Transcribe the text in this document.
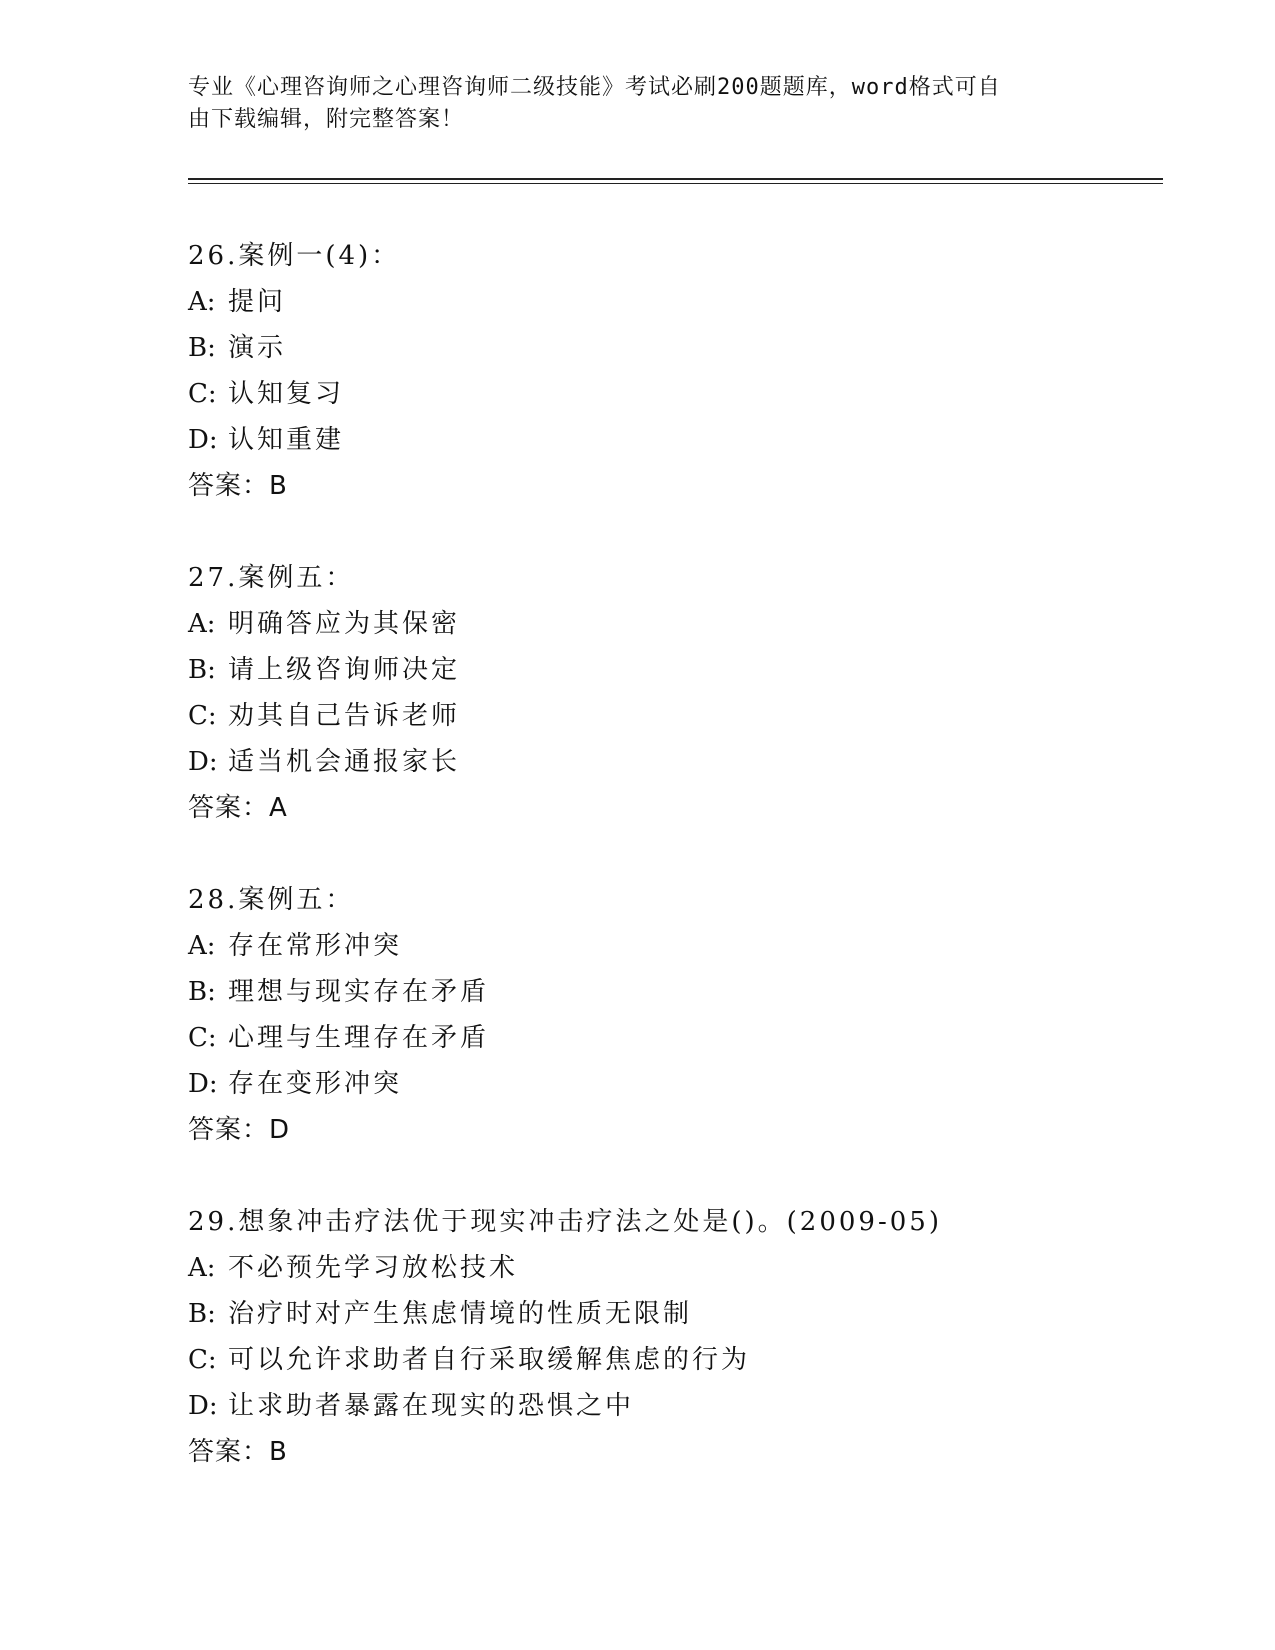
专业《心理咨询师之心理咨询师二级技能》考试必刷200题题库，word格式可自
由下载编辑，附完整答案！
26.案例一(4)：
A: 提问
B: 演示
C: 认知复习
D: 认知重建
答案：B
27.案例五：
A: 明确答应为其保密
B: 请上级咨询师决定
C: 劝其自己告诉老师
D: 适当机会通报家长
答案：A
28.案例五：
A: 存在常形冲突
B: 理想与现实存在矛盾
C: 心理与生理存在矛盾
D: 存在变形冲突
答案：D
29.想象冲击疗法优于现实冲击疗法之处是()。(2009-05)
A: 不必预先学习放松技术
B: 治疗时对产生焦虑情境的性质无限制
C: 可以允许求助者自行采取缓解焦虑的行为
D: 让求助者暴露在现实的恐惧之中
答案：B
